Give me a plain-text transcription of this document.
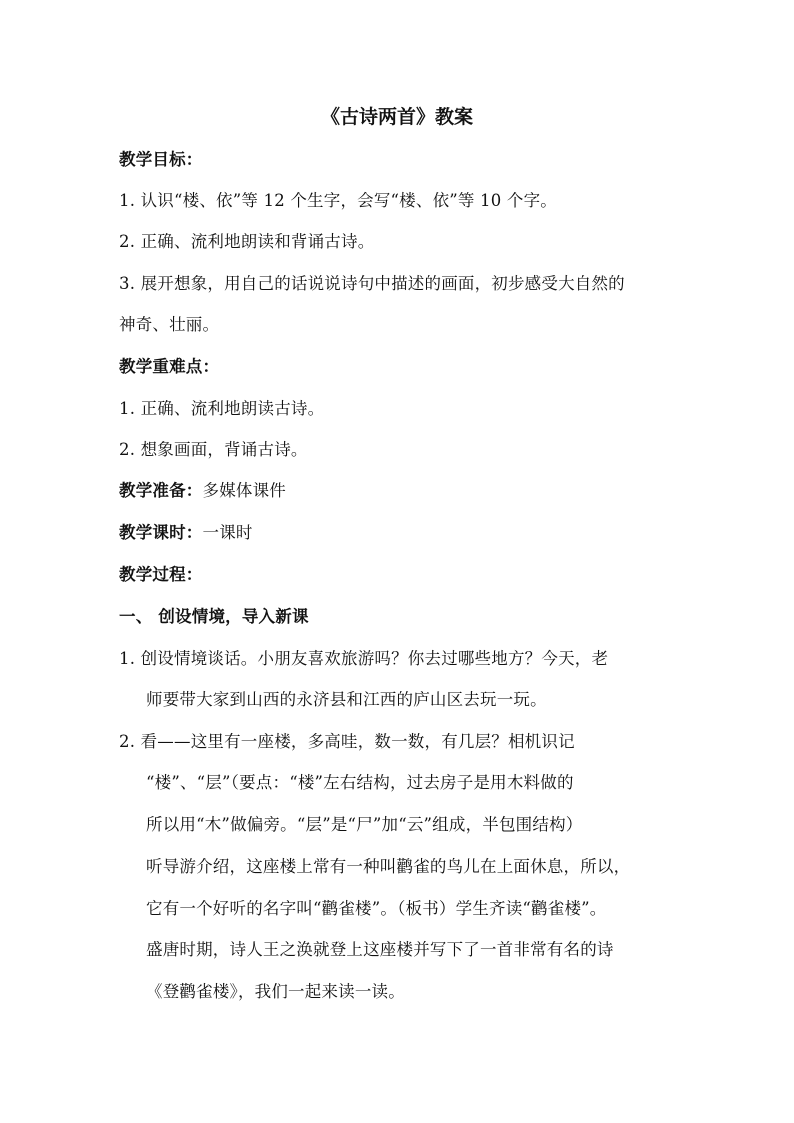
《古诗两首》教案
教学目标：
1. 认识“楼、依”等 12 个生字，会写“楼、依”等 10 个字。
2. 正确、流利地朗读和背诵古诗。
3. 展开想象，用自己的话说说诗句中描述的画面，初步感受大自然的
神奇、壮丽。
教学重难点：
1. 正确、流利地朗读古诗。
2. 想象画面，背诵古诗。
教学准备：多媒体课件
教学课时：一课时
教学过程：
一、 创设情境，导入新课
1. 创设情境谈话。小朋友喜欢旅游吗？你去过哪些地方？今天，老
师要带大家到山西的永济县和江西的庐山区去玩一玩。
2. 看——这里有一座楼，多高哇，数一数，有几层？相机识记
“楼”、“层”（要点：“楼”左右结构，过去房子是用木料做的
所以用“木”做偏旁。“层”是“尸”加“云”组成，半包围结构）
听导游介绍，这座楼上常有一种叫鹳雀的鸟儿在上面休息，所以，
它有一个好听的名字叫“鹳雀楼”。（板书）学生齐读“鹳雀楼”。
盛唐时期，诗人王之涣就登上这座楼并写下了一首非常有名的诗
《登鹳雀楼》，我们一起来读一读。
